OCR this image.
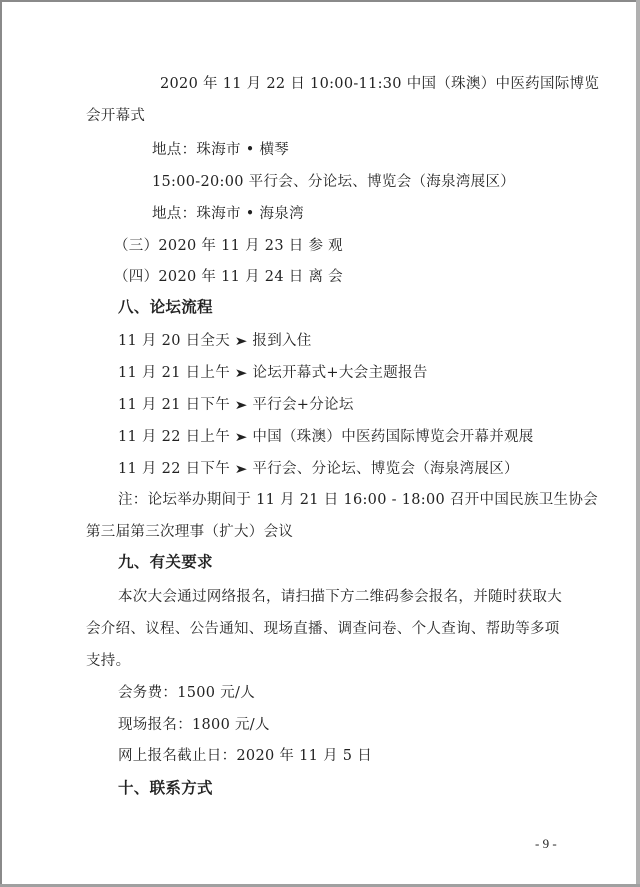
2020 年 11 月 22 日 10:00-11:30 中国（珠澳）中医药国际博览
会开幕式
地点：珠海市 • 横琴
15:00-20:00 平行会、分论坛、博览会（海泉湾展区）
地点：珠海市 • 海泉湾
（三）2020 年 11 月 23 日 参 观
（四）2020 年 11 月 24 日 离 会
八、论坛流程
11 月 20 日全天 ➤ 报到入住
11 月 21 日上午 ➤ 论坛开幕式+大会主题报告
11 月 21 日下午 ➤ 平行会+分论坛
11 月 22 日上午 ➤ 中国（珠澳）中医药国际博览会开幕并观展
11 月 22 日下午 ➤ 平行会、分论坛、博览会（海泉湾展区）
注：论坛举办期间于 11 月 21 日 16:00 - 18:00 召开中国民族卫生协会
第三届第三次理事（扩大）会议
九、有关要求
本次大会通过网络报名，请扫描下方二维码参会报名，并随时获取大
会介绍、议程、公告通知、现场直播、调查问卷、个人查询、帮助等多项
支持。
会务费：1500 元/人
现场报名：1800 元/人
网上报名截止日：2020 年 11 月 5 日
十、联系方式
- 9 -
